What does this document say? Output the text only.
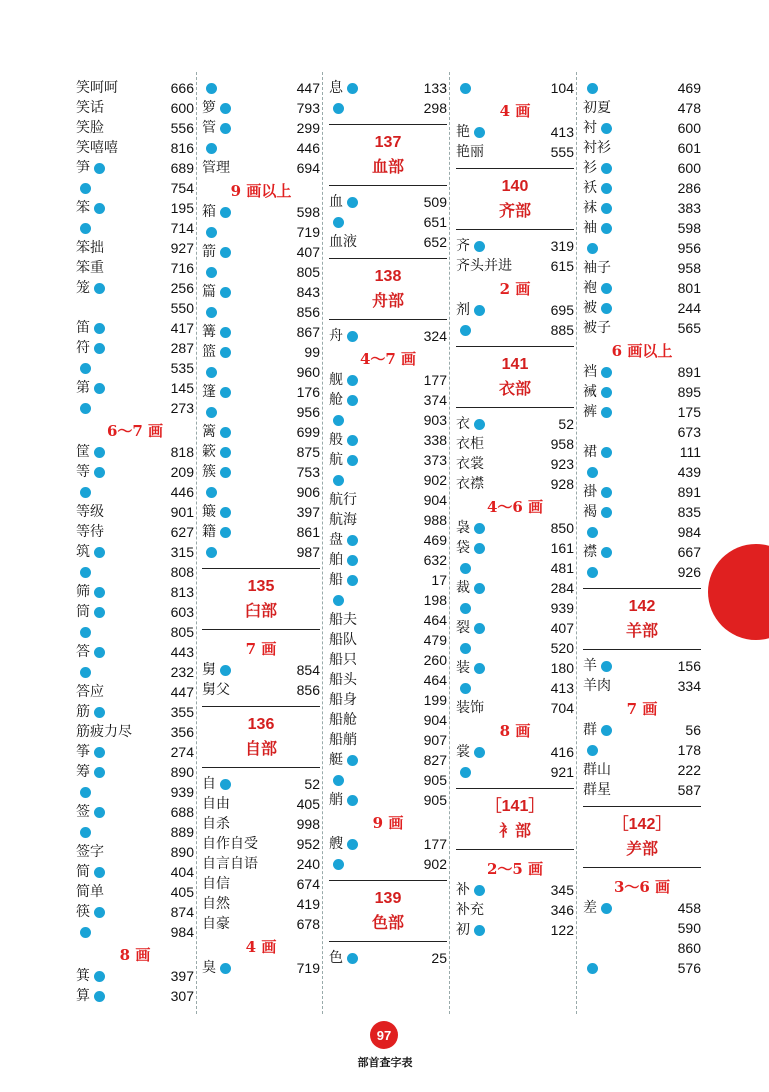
笑呵呵	666
笑话	600
笑脸	556
笑嘻嘻	816
笋	689
754
笨	195
714
笨拙	927
笨重	716
笼	256
550
笛	417
符	287
535
第	145
273
6～7 画
筐	818
等	209
446
等级	901
等待	627
筑	315
808
筛	813
筒	603
805
答	443
232
答应	447
筋	355
筋疲力尽	356
筝	274
筹	890
939
签	688
889
签字	890
简	404
简单	405
筷	874
984
8 画
箕	397
算	307
447
箩	793
管	299
446
管理	694
9 画以上
箱	598
719
箭	407
805
篇	843
856
篝	867
篮	99
960
篷	176
956
篱	699
簌	875
簇	753
906
簸	397
籍	861
987
135
臼部
7 画
舅	854
舅父	856
136
自部
自	52
自由	405
自杀	998
自作自受	952
自言自语	240
自信	674
自然	419
自豪	678
4 画
臭	719
息	133
298
137
血部
血	509
651
血液	652
138
舟部
舟	324
4～7 画
舰	177
舱	374
903
般	338
航	373
902
航行	904
航海	988
盘	469
舶	632
船	17
198
船夫	464
船队	479
船只	260
船头	464
船身	199
船舱	904
船艄	907
艇	827
905
艄	905
9 画
艘	177
902
139
色部
色	25
104
4 画
艳	413
艳丽	555
140
齐部
齐	319
齐头并进	615
2 画
剂	695
885
141
衣部
衣	52
衣柜	958
衣裳	923
衣襟	928
4～6 画
袅	850
袋	161
481
裁	284
939
裂	407
520
装	180
413
装饰	704
8 画
裳	416
921
［141］
衤部
2～5 画
补	345
补充	346
初	122
469
初夏	478
衬	600
衬衫	601
衫	600
袄	286
袜	383
袖	598
956
袖子	958
袍	801
被	244
被子	565
6 画以上
裆	891
裓	895
裤	175
673
裙	111
439
褂	891
褐	835
984
襟	667
926
142
羊部
羊	156
羊肉	334
7 画
群	56
178
群山	222
群星	587
［142］
⺶部
3～6 画
差	458
590
860
576
97
部首查字表
